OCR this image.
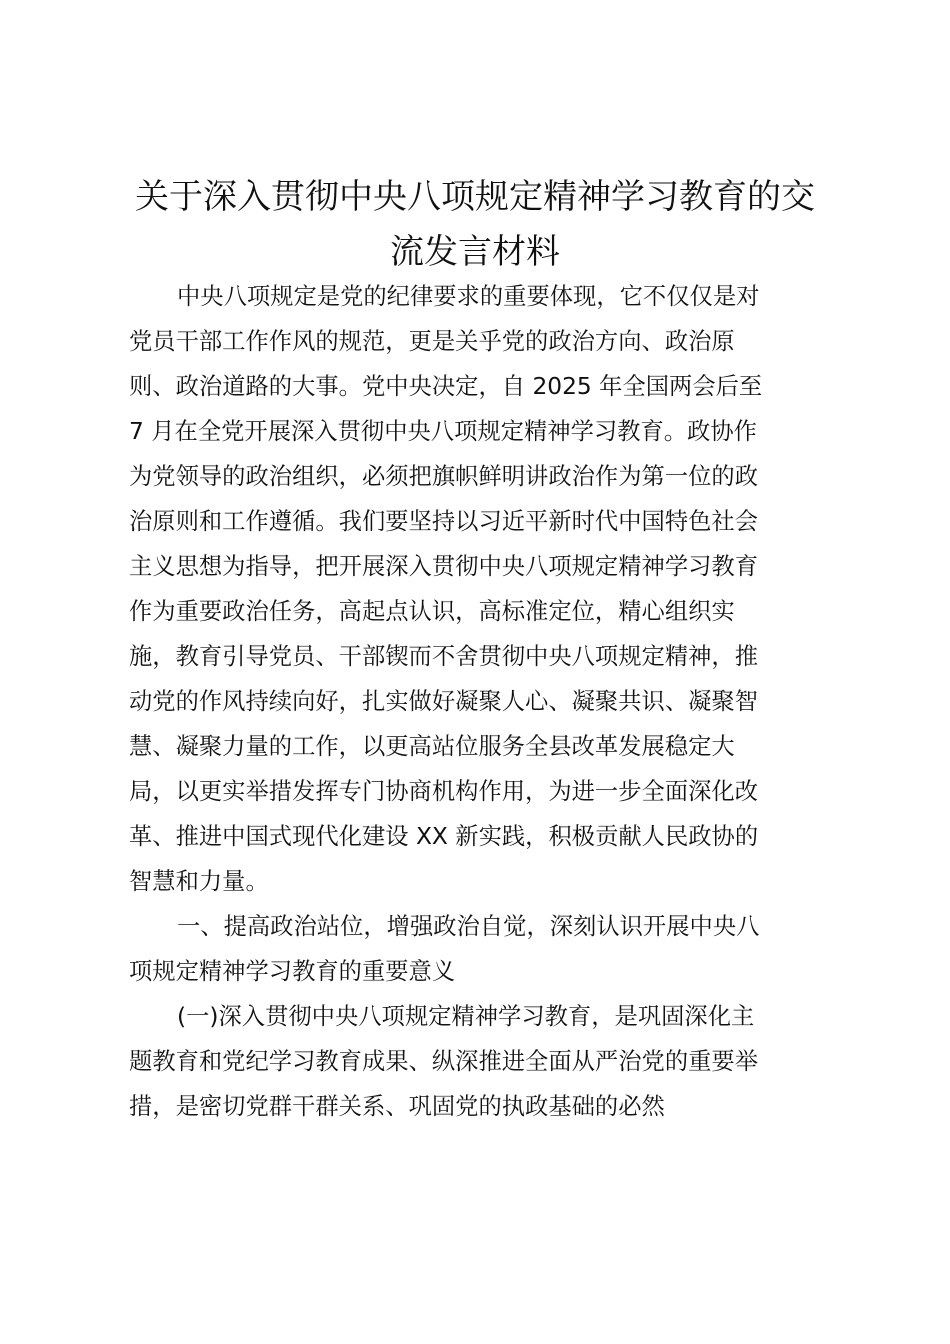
关于深入贯彻中央八项规定精神学习教育的交
流发言材料

中央八项规定是党的纪律要求的重要体现，它不仅仅是对
党员干部工作作风的规范，更是关乎党的政治方向、政治原
则、政治道路的大事。党中央决定，自 2025 年全国两会后至
7 月在全党开展深入贯彻中央八项规定精神学习教育。政协作
为党领导的政治组织，必须把旗帜鲜明讲政治作为第一位的政
治原则和工作遵循。我们要坚持以习近平新时代中国特色社会
主义思想为指导，把开展深入贯彻中央八项规定精神学习教育
作为重要政治任务，高起点认识，高标准定位，精心组织实
施，教育引导党员、干部锲而不舍贯彻中央八项规定精神，推
动党的作风持续向好，扎实做好凝聚人心、凝聚共识、凝聚智
慧、凝聚力量的工作，以更高站位服务全县改革发展稳定大
局，以更实举措发挥专门协商机构作用，为进一步全面深化改
革、推进中国式现代化建设 XX 新实践，积极贡献人民政协的
智慧和力量。

一、提高政治站位，增强政治自觉，深刻认识开展中央八
项规定精神学习教育的重要意义

(一)深入贯彻中央八项规定精神学习教育，是巩固深化主
题教育和党纪学习教育成果、纵深推进全面从严治党的重要举
措，是密切党群干群关系、巩固党的执政基础的必然
